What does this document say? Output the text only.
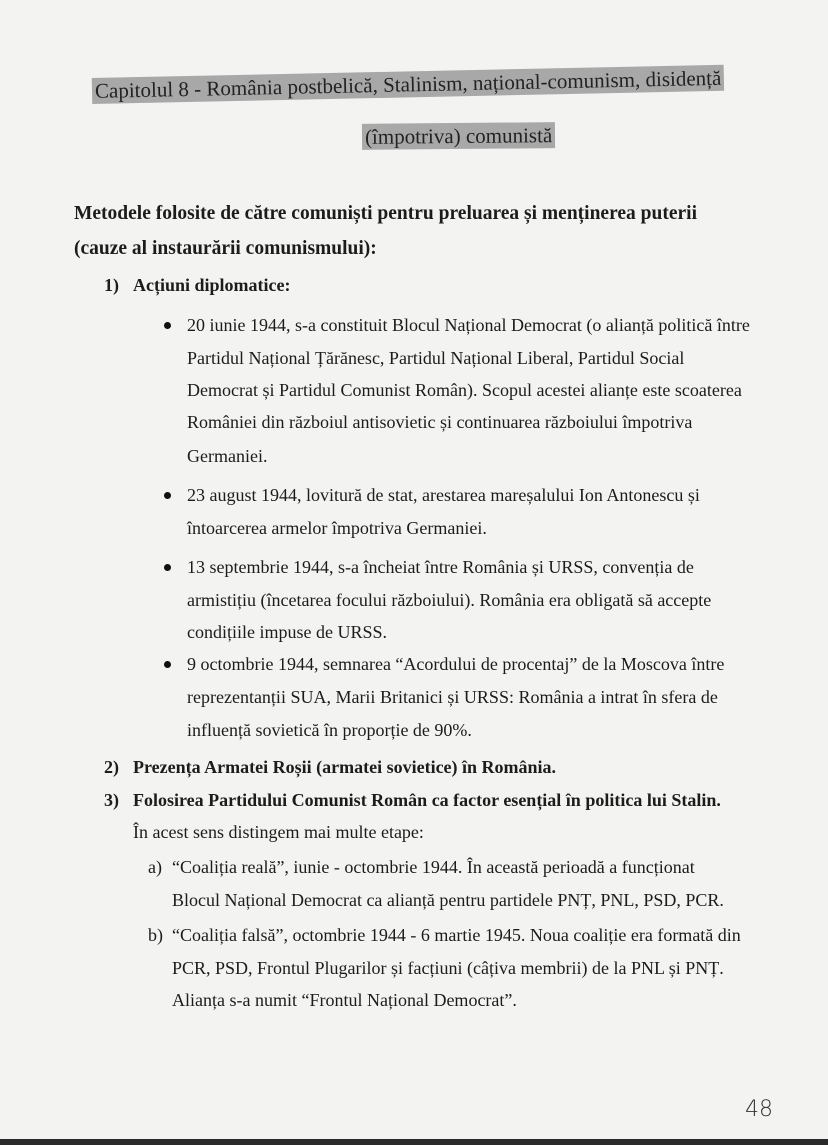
Capitolul 8 - România postbelică, Stalinism, național-comunism, disidență
(împotriva) comunistă
Metodele folosite de către comuniști pentru preluarea și menținerea puterii
(cauze al instaurării comunismului):
1) Acțiuni diplomatice:
20 iunie 1944, s-a constituit Blocul Național Democrat (o alianță politică între
Partidul Național Țărănesc, Partidul Național Liberal, Partidul Social
Democrat și Partidul Comunist Român). Scopul acestei alianțe este scoaterea
României din războiul antisovietic și continuarea războiului împotriva
Germaniei.
23 august 1944, lovitură de stat, arestarea mareșalului Ion Antonescu și
întoarcerea armelor împotriva Germaniei.
13 septembrie 1944, s-a încheiat între România și URSS, convenția de
armistițiu (încetarea focului războiului). România era obligată să accepte
condițiile impuse de URSS.
9 octombrie 1944, semnarea “Acordului de procentaj” de la Moscova între
reprezentanții SUA, Marii Britanici și URSS: România a intrat în sfera de
influență sovietică în proporție de 90%.
2) Prezența Armatei Roșii (armatei sovietice) în România.
3) Folosirea Partidului Comunist Român ca factor esențial în politica lui Stalin.
În acest sens distingem mai multe etape:
a) “Coaliția reală”, iunie - octombrie 1944. În această perioadă a funcționat
Blocul Național Democrat ca alianță pentru partidele PNȚ, PNL, PSD, PCR.
b) “Coaliția falsă”, octombrie 1944 - 6 martie 1945. Noua coaliție era formată din
PCR, PSD, Frontul Plugarilor și facțiuni (câțiva membrii) de la PNL și PNȚ.
Alianța s-a numit “Frontul Național Democrat”.
48
